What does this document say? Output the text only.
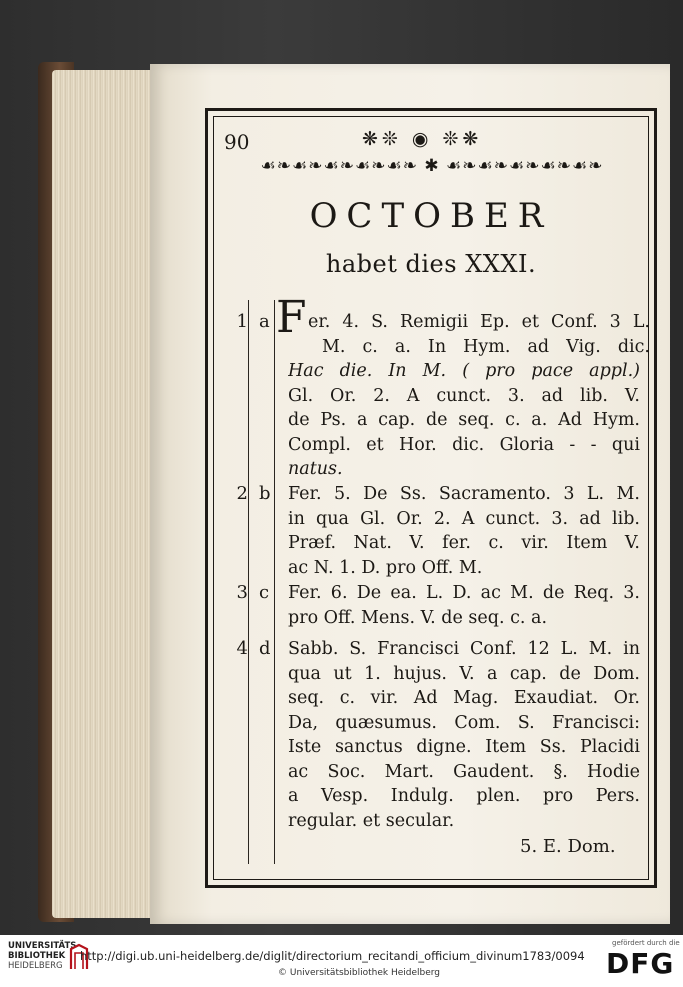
90	❋❊ ◉ ❊❋
☙❧☙❧☙❧☙❧☙❧ ✱ ☙❧☙❧☙❧☙❧☙❧
OCTOBER
habet dies XXXI.
1 a F er. 4. S. Remigii Ep. et Conf. 3 L.
M. c. a. In Hym. ad Vig. dic.
Hac die. In M. ( pro pace appl.)
Gl. Or. 2. A cunct. 3. ad lib. V.
de Ps. a cap. de seq. c. a. Ad Hym.
Compl. et Hor. dic. Gloria - - qui
natus.
2 b Fer. 5. De Ss. Sacramento. 3 L. M.
in qua Gl. Or. 2. A cunct. 3. ad lib.
Præf. Nat. V. fer. c. vir. Item V.
ac N. 1. D. pro Off. M.
3 c	Fer. 6. De ea. L. D. ac M. de Req. 3.
pro Off. Mens. V. de seq. c. a.
4 d Sabb. S. Francisci Conf. 12 L. M. in
qua ut 1. hujus. V. a cap. de Dom.
seq. c. vir. Ad Mag. Exaudiat. Or.
Da, quæsumus. Com. S. Francisci:
Iste sanctus digne. Item Ss. Placidi
ac Soc. Mart. Gaudent. §. Hodie
a Vesp. Indulg. plen. pro Pers.
regular. et secular.
5. E. Dom.
UNIVERSITÄTS-
BIBLIOTHEK
HEIDELBERG
http://digi.ub.uni-heidelberg.de/diglit/directorium_recitandi_officium_divinum1783/0094
© Universitätsbibliothek Heidelberg
gefördert durch die
DFG
